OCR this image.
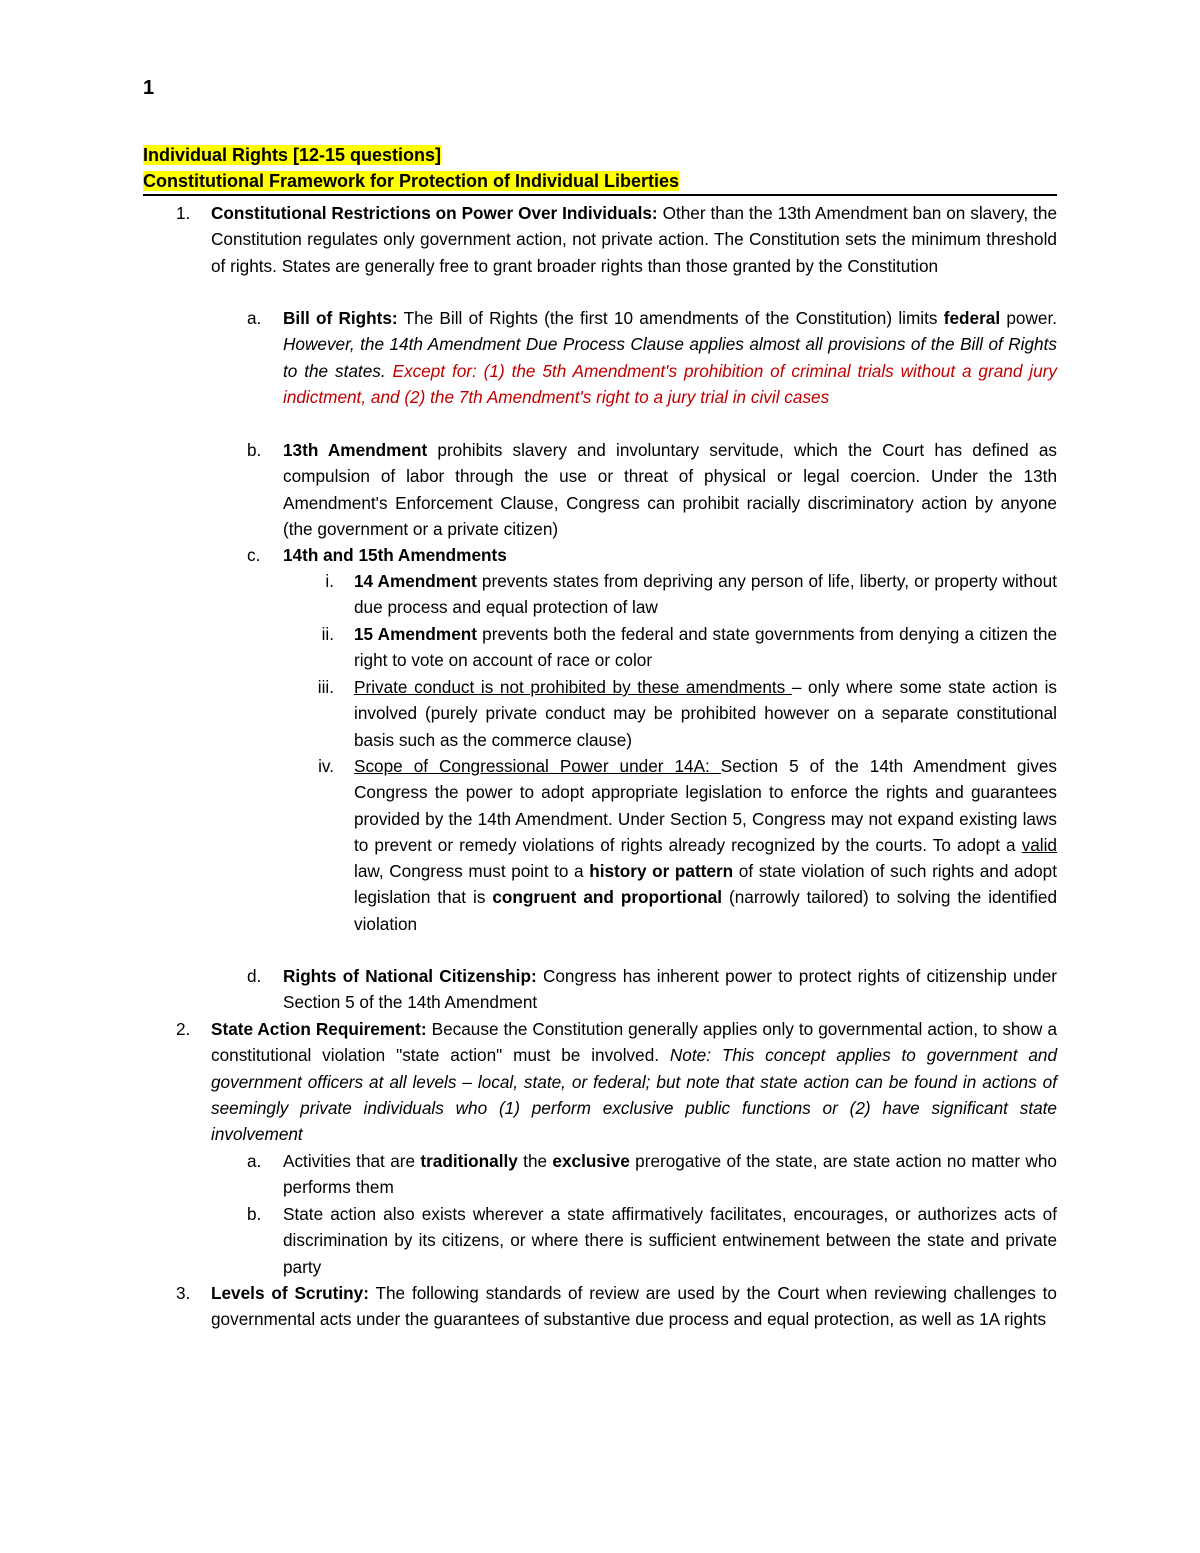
1
Individual Rights [12-15 questions]
Constitutional Framework for Protection of Individual Liberties
1. Constitutional Restrictions on Power Over Individuals: Other than the 13th Amendment ban on slavery, the Constitution regulates only government action, not private action. The Constitution sets the minimum threshold of rights. States are generally free to grant broader rights than those granted by the Constitution
a. Bill of Rights: The Bill of Rights (the first 10 amendments of the Constitution) limits federal power. However, the 14th Amendment Due Process Clause applies almost all provisions of the Bill of Rights to the states. Except for: (1) the 5th Amendment's prohibition of criminal trials without a grand jury indictment, and (2) the 7th Amendment's right to a jury trial in civil cases
b. 13th Amendment prohibits slavery and involuntary servitude, which the Court has defined as compulsion of labor through the use or threat of physical or legal coercion. Under the 13th Amendment's Enforcement Clause, Congress can prohibit racially discriminatory action by anyone (the government or a private citizen)
c. 14th and 15th Amendments
i. 14 Amendment prevents states from depriving any person of life, liberty, or property without due process and equal protection of law
ii. 15 Amendment prevents both the federal and state governments from denying a citizen the right to vote on account of race or color
iii. Private conduct is not prohibited by these amendments – only where some state action is involved (purely private conduct may be prohibited however on a separate constitutional basis such as the commerce clause)
iv. Scope of Congressional Power under 14A: Section 5 of the 14th Amendment gives Congress the power to adopt appropriate legislation to enforce the rights and guarantees provided by the 14th Amendment. Under Section 5, Congress may not expand existing laws to prevent or remedy violations of rights already recognized by the courts. To adopt a valid law, Congress must point to a history or pattern of state violation of such rights and adopt legislation that is congruent and proportional (narrowly tailored) to solving the identified violation
d. Rights of National Citizenship: Congress has inherent power to protect rights of citizenship under Section 5 of the 14th Amendment
2. State Action Requirement: Because the Constitution generally applies only to governmental action, to show a constitutional violation "state action" must be involved. Note: This concept applies to government and government officers at all levels – local, state, or federal; but note that state action can be found in actions of seemingly private individuals who (1) perform exclusive public functions or (2) have significant state involvement
a. Activities that are traditionally the exclusive prerogative of the state, are state action no matter who performs them
b. State action also exists wherever a state affirmatively facilitates, encourages, or authorizes acts of discrimination by its citizens, or where there is sufficient entwinement between the state and private party
3. Levels of Scrutiny: The following standards of review are used by the Court when reviewing challenges to governmental acts under the guarantees of substantive due process and equal protection, as well as 1A rights
